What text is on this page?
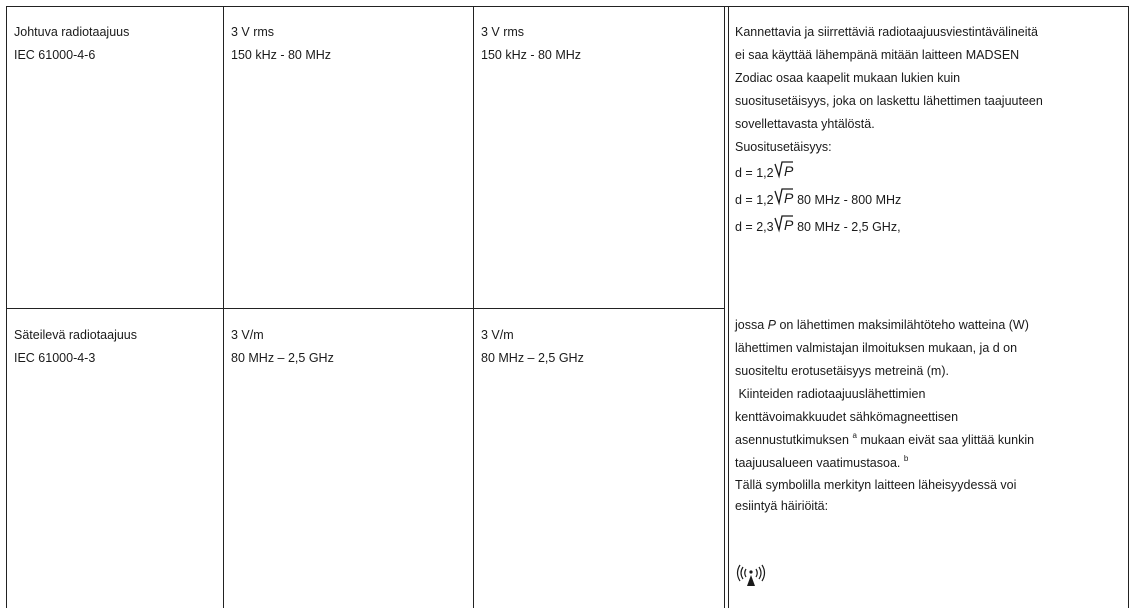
Johtuva radiotaajuus
IEC 61000-4-6
3 V rms
150 kHz - 80 MHz
3 V rms
150 kHz - 80 MHz
Säteilevä radiotaajuus
IEC 61000-4-3
3 V/m
80 MHz – 2,5 GHz
3 V/m
80 MHz – 2,5 GHz
Kannettavia ja siirrettäviä radiotaajuusviestintävälineitä
ei saa käyttää lähempänä mitään laitteen MADSEN
Zodiac osaa kaapelit mukaan lukien kuin
suositusetäisyys, joka on laskettu lähettimen taajuuteen
sovellettavasta yhtälöstä.
Suositusetäisyys:
d = 1,2 P
d = 1,2 P 80 MHz - 800 MHz
d = 2,3 P 80 MHz - 2,5 GHz,
jossa P on lähettimen maksimilähtöteho watteina (W)
lähettimen valmistajan ilmoituksen mukaan, ja d on
suositeltu erotusetäisyys metreinä (m).
Kiinteiden radiotaajuuslähettimien
kenttävoimakkuudet sähkömagneettisen
asennustutkimuksen $^a$ mukaan eivät saa ylittää kunkin
taajuusalueen vaatimustasoa. $^b$
Tällä symbolilla merkityn laitteen läheisyydessä voi
esiintyä häiriöitä:
